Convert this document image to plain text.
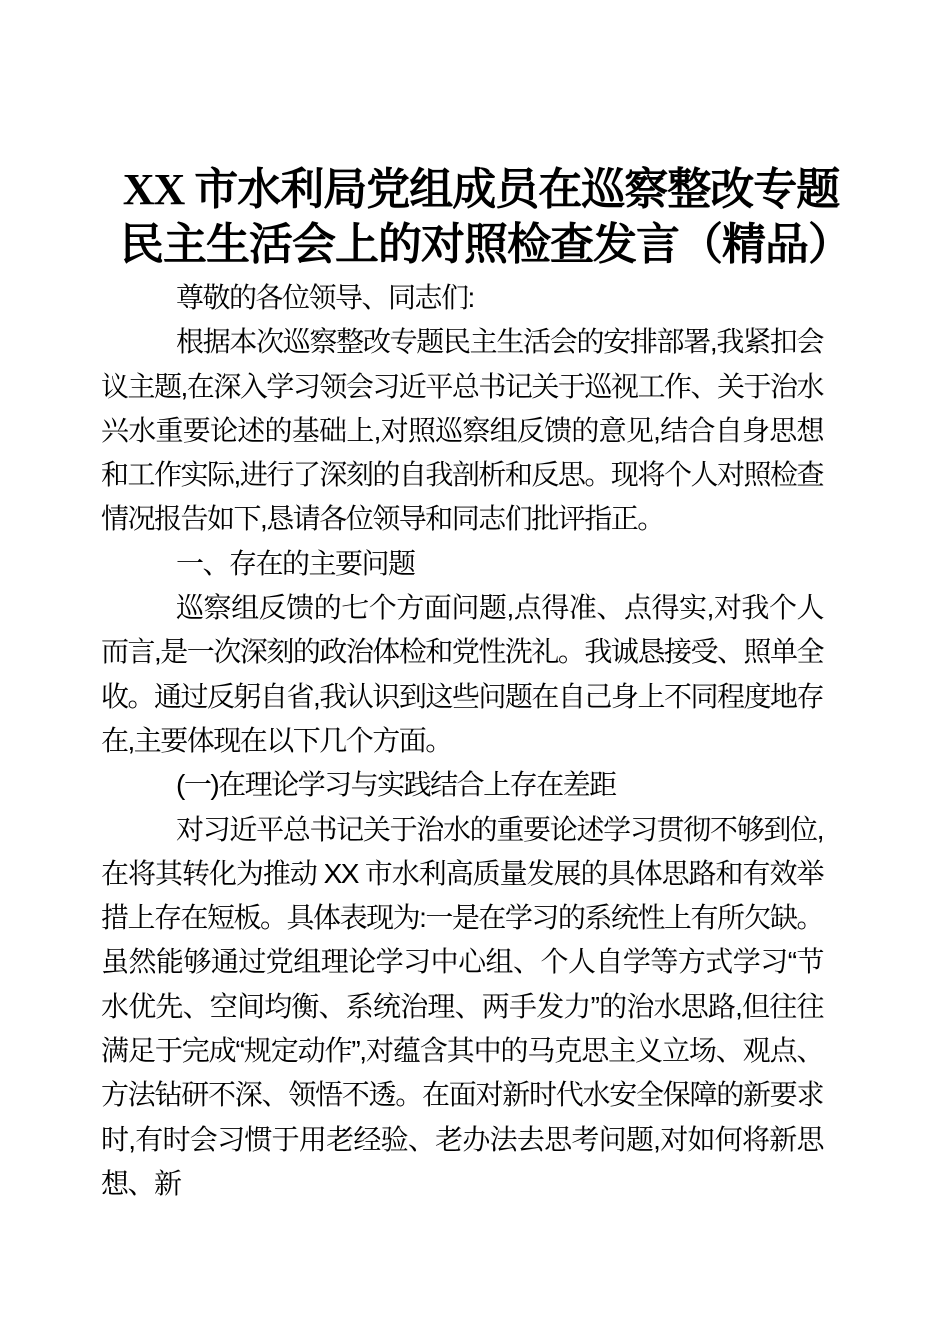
XX 市水利局党组成员在巡察整改专题
民主生活会上的对照检查发言（精品）

尊敬的各位领导、同志们:

根据本次巡察整改专题民主生活会的安排部署,我紧扣会议主题,在深入学习领会习近平总书记关于巡视工作、关于治水兴水重要论述的基础上,对照巡察组反馈的意见,结合自身思想和工作实际,进行了深刻的自我剖析和反思。现将个人对照检查情况报告如下,恳请各位领导和同志们批评指正。

一、存在的主要问题

巡察组反馈的七个方面问题,点得准、点得实,对我个人而言,是一次深刻的政治体检和党性洗礼。我诚恳接受、照单全收。通过反躬自省,我认识到这些问题在自己身上不同程度地存在,主要体现在以下几个方面。

(一)在理论学习与实践结合上存在差距

对习近平总书记关于治水的重要论述学习贯彻不够到位,在将其转化为推动 XX 市水利高质量发展的具体思路和有效举措上存在短板。具体表现为:一是在学习的系统性上有所欠缺。虽然能够通过党组理论学习中心组、个人自学等方式学习“节水优先、空间均衡、系统治理、两手发力”的治水思路,但往往满足于完成“规定动作”,对蕴含其中的马克思主义立场、观点、方法钻研不深、领悟不透。在面对新时代水安全保障的新要求时,有时会习惯于用老经验、老办法去思考问题,对如何将新思想、新
